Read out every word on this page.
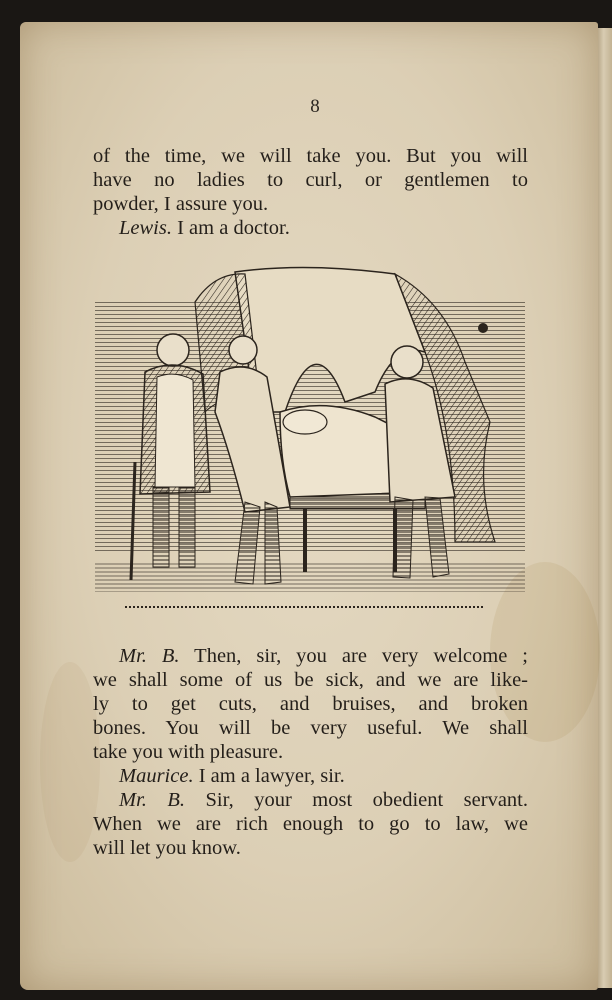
8
of the time, we will take you. But you will
have no ladies to curl, or gentlemen to
powder, I assure you.
Lewis. I am a doctor.
Mr. B. Then, sir, you are very welcome ;
we shall some of us be sick, and we are like-
ly to get cuts, and bruises, and broken
bones. You will be very useful. We shall
take you with pleasure.
Maurice. I am a lawyer, sir.
Mr. B. Sir, your most obedient servant.
When we are rich enough to go to law, we
will let you know.
